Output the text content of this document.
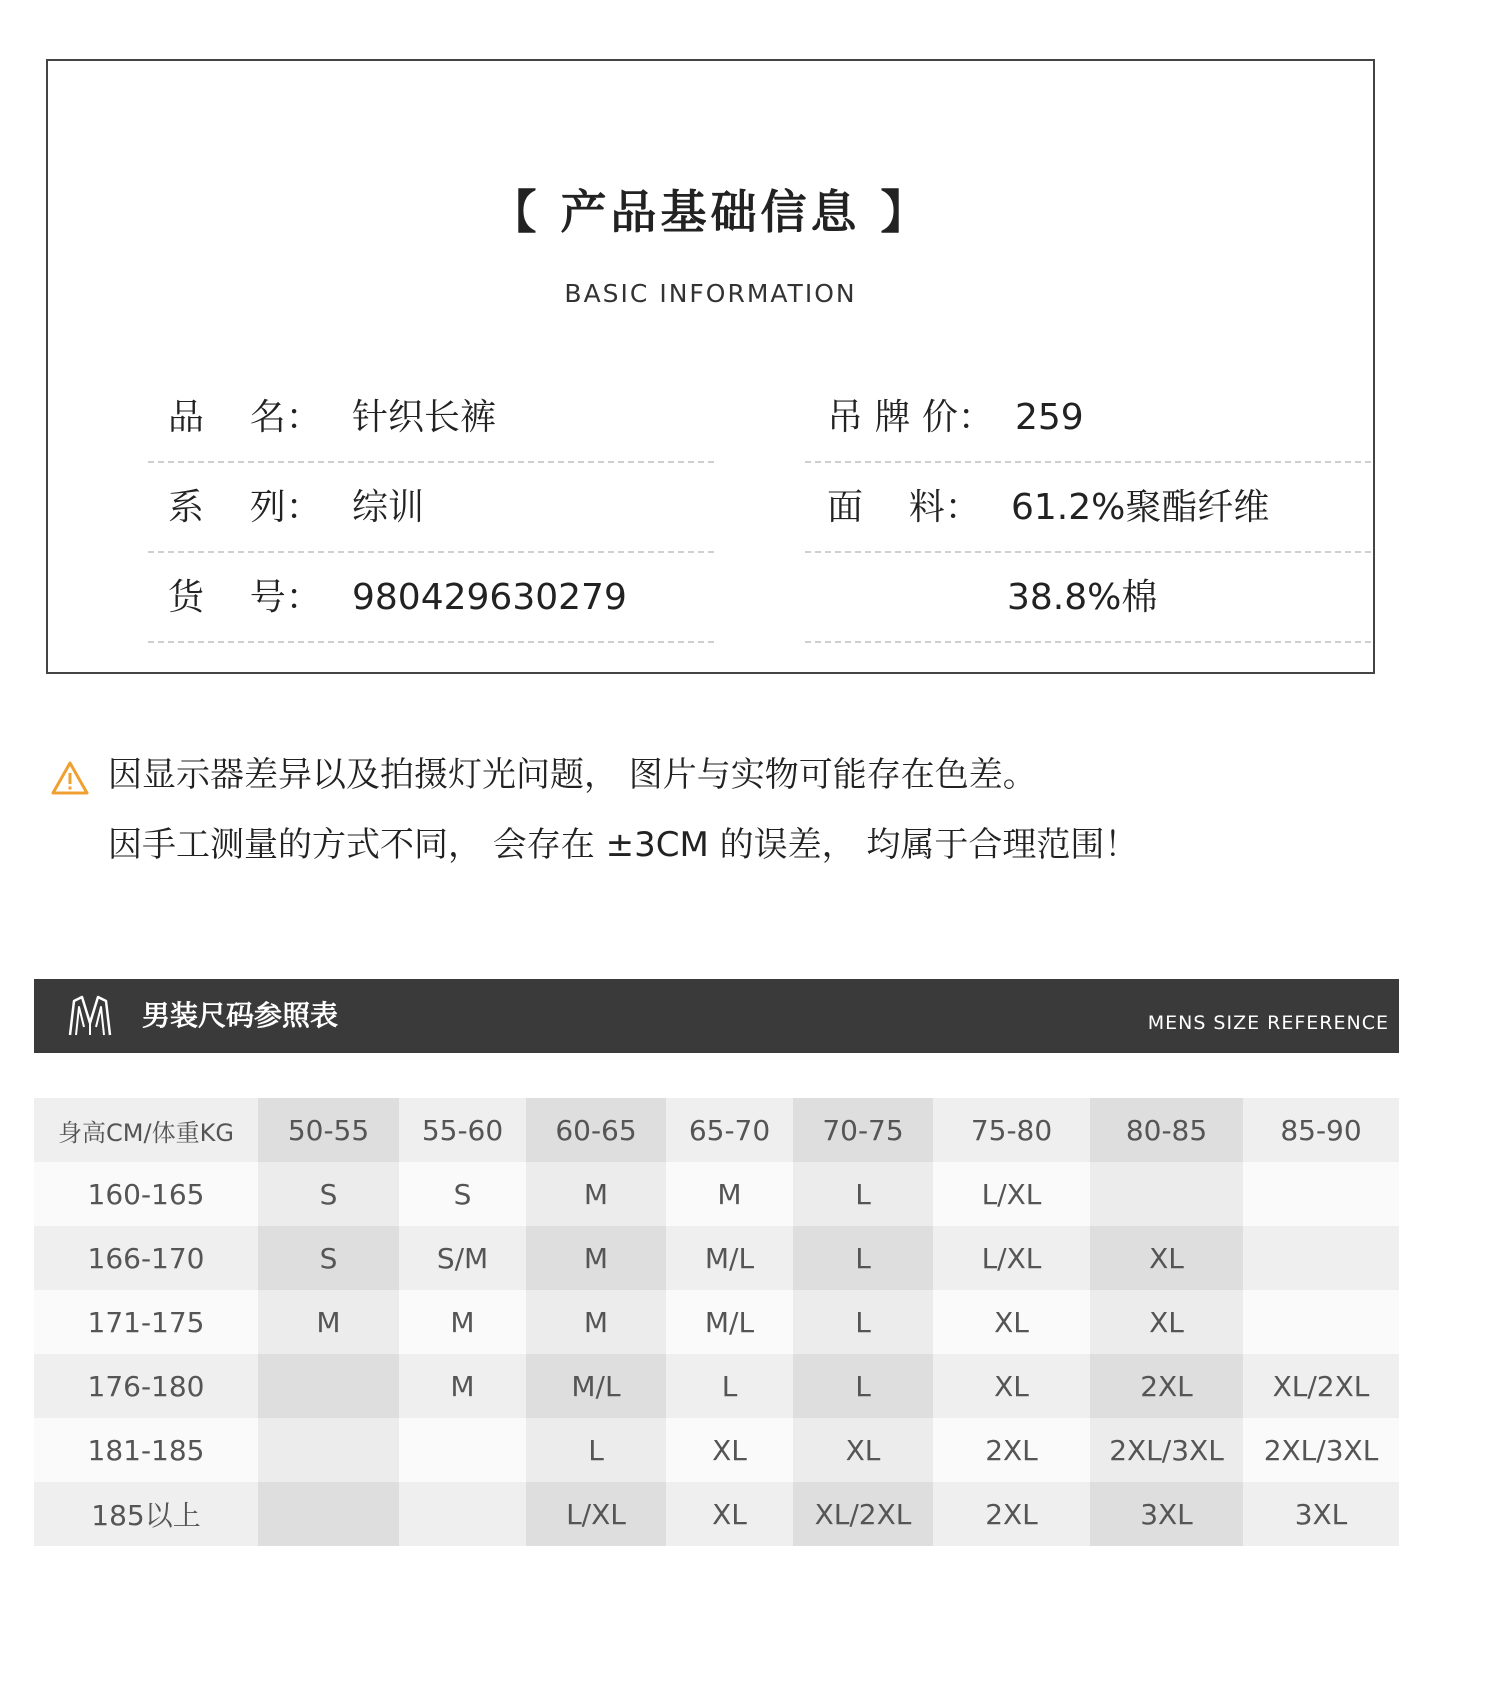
【 产品基础信息 】
BASIC INFORMATION
品    名： 针织长裤
系    列： 综训
货    号： 980429630279
吊 牌 价： 259
面    料： 61.2%聚酯纤维
38.8%棉
因显示器差异以及拍摄灯光问题， 图片与实物可能存在色差。
因手工测量的方式不同， 会存在 ±3CM 的误差， 均属于合理范围！
男装尺码参照表	MENS SIZE REFERENCE
身高CM/体重KG	50-55	55-60	60-65	65-70	70-75	75-80	80-85	85-90
160-165	S	S	M	M	L	L/XL		
166-170	S	S/M	M	M/L	L	L/XL	XL	
171-175	M	M	M	M/L	L	XL	XL	
176-180		M	M/L	L	L	XL	2XL	XL/2XL
181-185			L	XL	XL	2XL	2XL/3XL	2XL/3XL
185以上			L/XL	XL	XL/2XL	2XL	3XL	3XL
